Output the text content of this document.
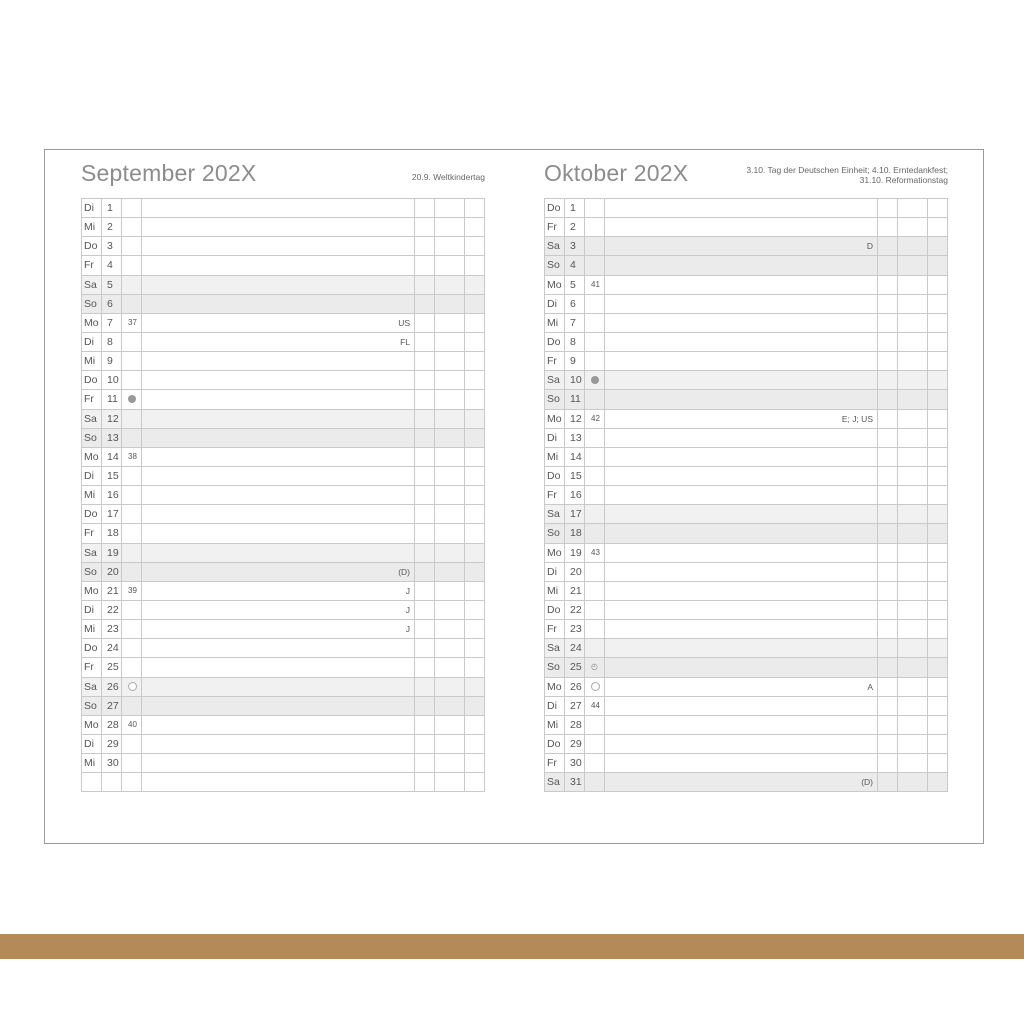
September 202X	20.9. Weltkindertag
Di	1					
Mi	2					
Do	3					
Fr	4					
Sa	5					
So	6					
Mo	7	37	US			
Di	8		FL			
Mi	9					
Do	10					
Fr	11					
Sa	12					
So	13					
Mo	14	38				
Di	15					
Mi	16					
Do	17					
Fr	18					
Sa	19					
So	20		(D)			
Mo	21	39	J			
Di	22		J			
Mi	23		J			
Do	24					
Fr	25					
Sa	26					
So	27					
Mo	28	40				
Di	29					
Mi	30					

Oktober 202X	3.10. Tag der Deutschen Einheit; 4.10. Erntedankfest;
31.10. Reformationstag
Do	1					
Fr	2					
Sa	3		D			
So	4					
Mo	5	41				
Di	6					
Mi	7					
Do	8					
Fr	9					
Sa	10					
So	11					
Mo	12	42	E; J; US			
Di	13					
Mi	14					
Do	15					
Fr	16					
Sa	17					
So	18					
Mo	19	43				
Di	20					
Mi	21					
Do	22					
Fr	23					
Sa	24					
So	25	◴				
Mo	26		A			
Di	27	44				
Mi	28					
Do	29					
Fr	30					
Sa	31		(D)			
